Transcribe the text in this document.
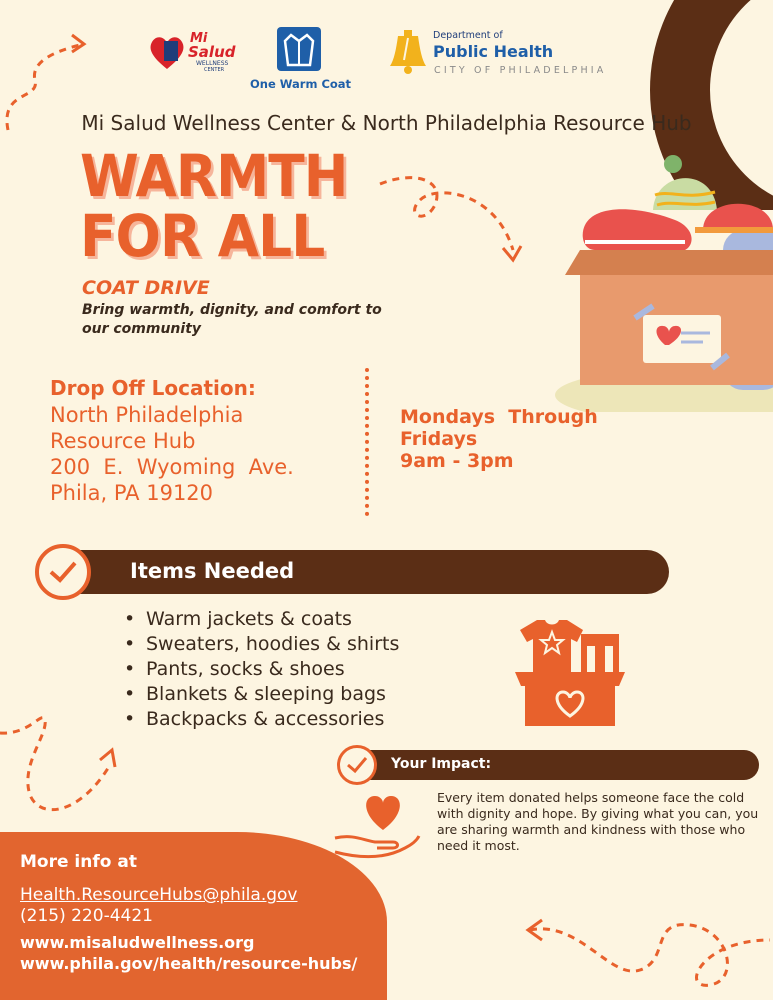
Mi
Salud
WELLNESS
CENTER
One Warm Coat
Department of
Public Health
CITY OF PHILADELPHIA
Mi Salud Wellness Center & North Philadelphia Resource Hub
WARMTH
FOR ALL
COAT DRIVE
Bring warmth, dignity, and comfort to our community
Drop Off Location:
North Philadelphia
Resource Hub
200  E.  Wyoming  Ave.
Phila, PA 19120
Mondays  Through
Fridays
9am - 3pm
Items Needed
• Warm jackets & coats
• Sweaters, hoodies & shirts
• Pants, socks & shoes
• Blankets & sleeping bags
• Backpacks & accessories
Your Impact:
Every item donated helps someone face the cold with dignity and hope. By giving what you can, you are sharing warmth and kindness with those who need it most.
More info at
Health.ResourceHubs@phila.gov
(215) 220-4421
www.misaludwellness.org
www.phila.gov/health/resource-hubs/
